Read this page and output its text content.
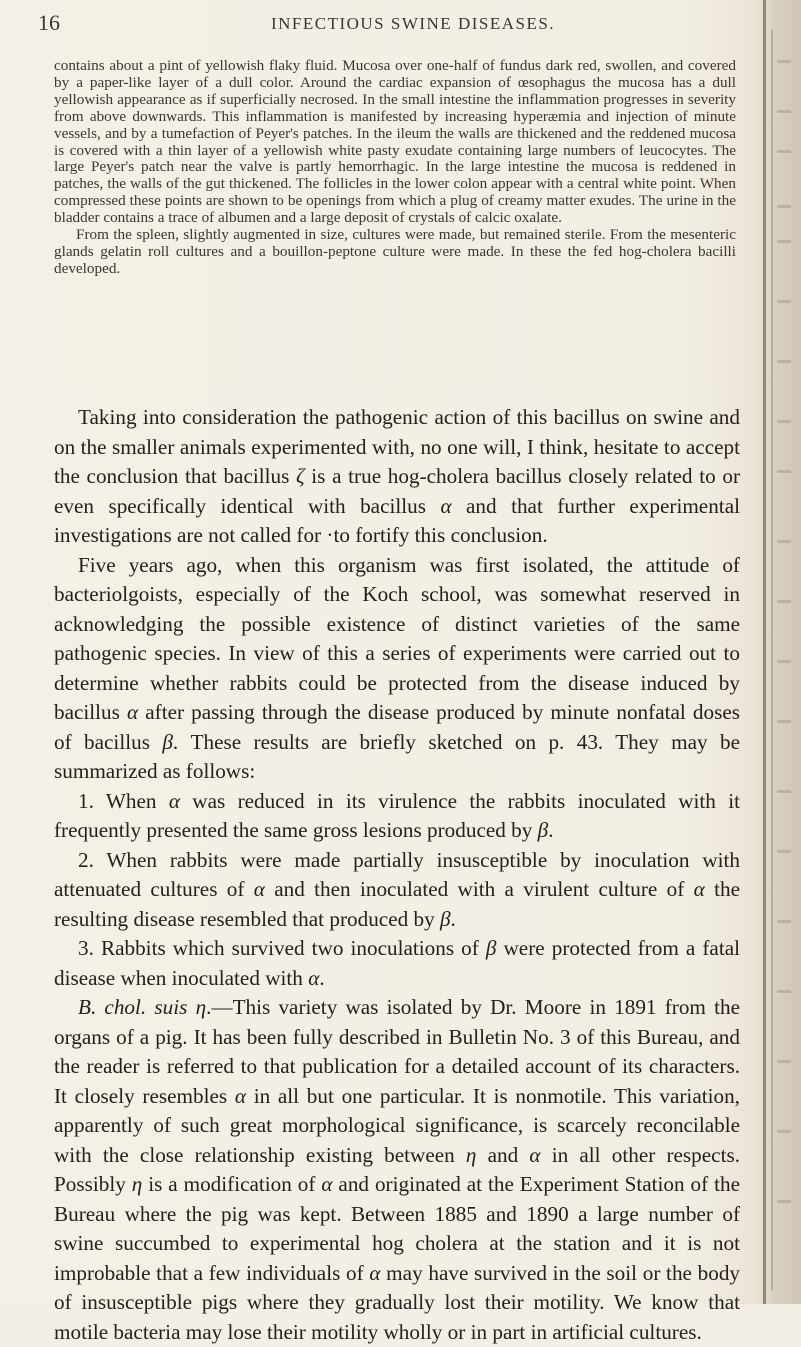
16	INFECTIOUS SWINE DISEASES.

contains about a pint of yellowish flaky fluid. Mucosa over one-half of fundus dark red, swollen, and covered by a paper-like layer of a dull color. Around the cardiac expansion of œsophagus the mucosa has a dull yellowish appearance as if superficially necrosed. In the small intestine the inflammation progresses in severity from above downwards. This inflammation is manifested by increasing hyperæmia and injection of minute vessels, and by a tumefaction of Peyer's patches. In the ileum the walls are thickened and the reddened mucosa is covered with a thin layer of a yellowish white pasty exudate containing large numbers of leucocytes. The large Peyer's patch near the valve is partly hemorrhagic. In the large intestine the mucosa is reddened in patches, the walls of the gut thickened. The follicles in the lower colon appear with a central white point. When compressed these points are shown to be openings from which a plug of creamy matter exudes. The urine in the bladder contains a trace of albumen and a large deposit of crystals of calcic oxalate.

From the spleen, slightly augmented in size, cultures were made, but remained sterile. From the mesenteric glands gelatin roll cultures and a bouillon-peptone culture were made. In these the fed hog-cholera bacilli developed.

Taking into consideration the pathogenic action of this bacillus on swine and on the smaller animals experimented with, no one will, I think, hesitate to accept the conclusion that bacillus ζ is a true hog-cholera bacillus closely related to or even specifically identical with bacillus α and that further experimental investigations are not called for ·to fortify this conclusion.

Five years ago, when this organism was first isolated, the attitude of bacteriolgoists, especially of the Koch school, was somewhat reserved in acknowledging the possible existence of distinct varieties of the same pathogenic species. In view of this a series of experiments were carried out to determine whether rabbits could be protected from the disease induced by bacillus α after passing through the disease produced by minute nonfatal doses of bacillus β. These results are briefly sketched on p. 43. They may be summarized as follows:

1. When α was reduced in its virulence the rabbits inoculated with it frequently presented the same gross lesions produced by β.

2. When rabbits were made partially insusceptible by inoculation with attenuated cultures of α and then inoculated with a virulent culture of α the resulting disease resembled that produced by β.

3. Rabbits which survived two inoculations of β were protected from a fatal disease when inoculated with α.

B. chol. suis η.—This variety was isolated by Dr. Moore in 1891 from the organs of a pig. It has been fully described in Bulletin No. 3 of this Bureau, and the reader is referred to that publication for a detailed account of its characters. It closely resembles α in all but one particular. It is nonmotile. This variation, apparently of such great morphological significance, is scarcely reconcilable with the close relationship existing between η and α in all other respects. Possibly η is a modification of α and originated at the Experiment Station of the Bureau where the pig was kept. Between 1885 and 1890 a large number of swine succumbed to experimental hog cholera at the station and it is not improbable that a few individuals of α may have survived in the soil or the body of insusceptible pigs where they gradually lost their motility. We know that motile bacteria may lose their motility wholly or in part in artificial cultures.
